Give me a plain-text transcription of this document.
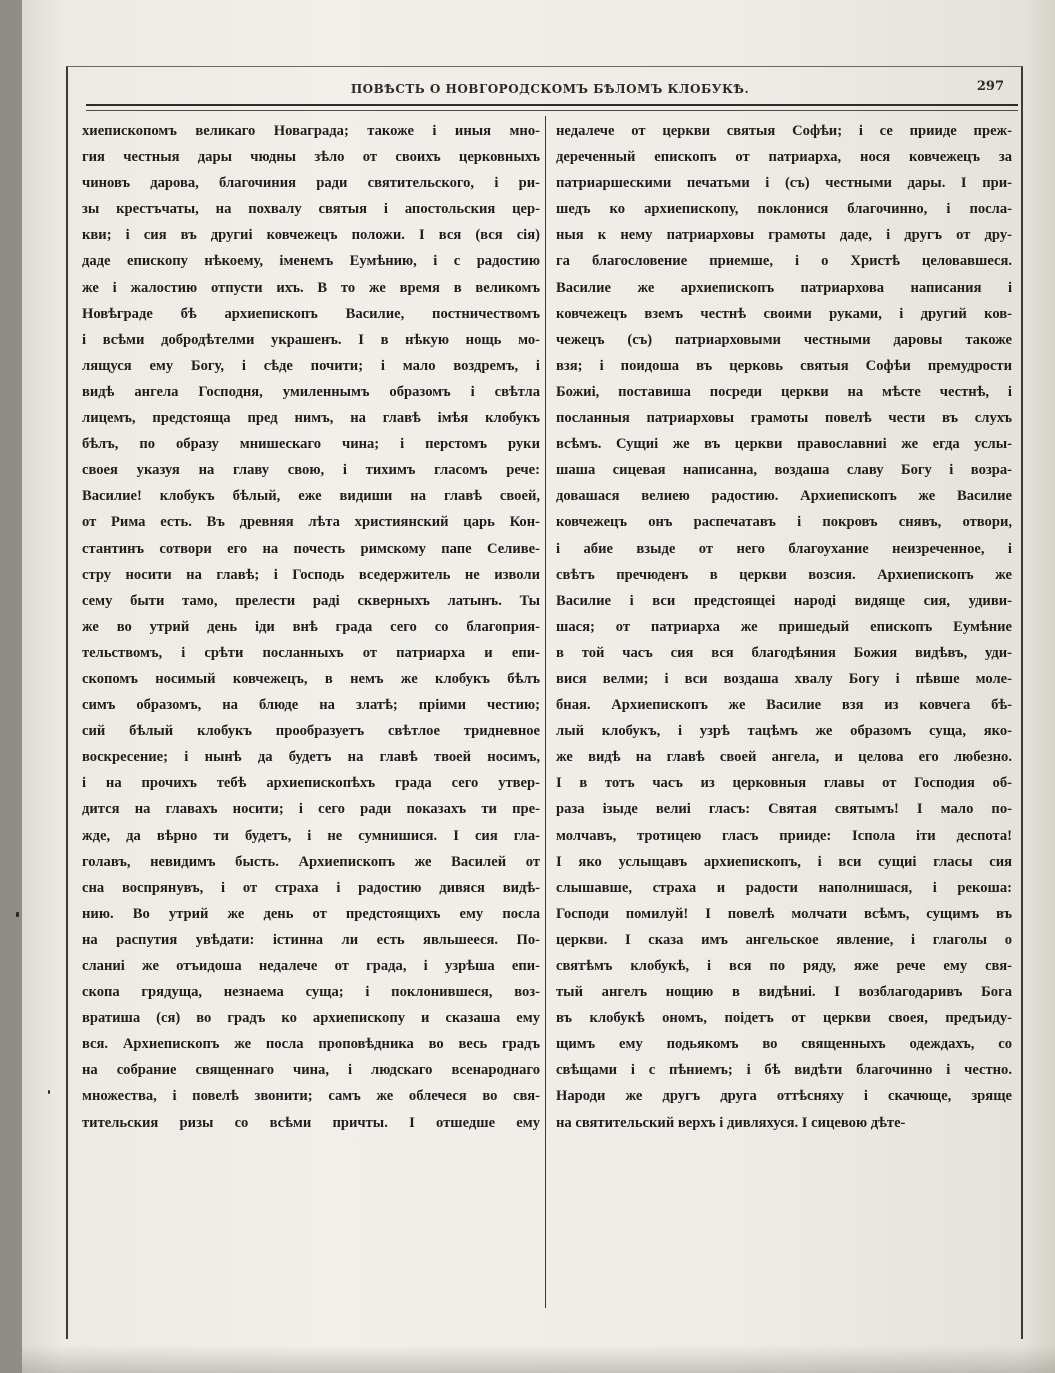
ПОВѢСТЬ О НОВГОРОДСКОМЪ БѢЛОМЪ КЛОБУКѢ.	297
хиепископомъ великаго Новаграда; такоже і иныя мно-
гия честныя дары чюдны зѣло от своихъ церковныхъ
чиновъ дарова, благочиния ради святительского, і ри-
зы крестъчаты, на похвалу святыя і апостольския цер-
кви; і сия въ другиі ковчежецъ положи. І вся (вся сія)
даде епископу нѣкоему, іменемъ Еумѣнию, і с радостию
же і жалостию отпусти ихъ. В то же время в великомъ
Новѣграде бѣ архиепископъ Василие, постничествомъ
і всѣми добродѣтелми украшенъ. І в нѣкую нощь мо-
лящуся ему Богу, і сѣде почити; і мало воздремъ, і
видѣ ангела Господня, умиленнымъ образомъ і свѣтла
лицемъ, предстояща пред нимъ, на главѣ імѣя клобукъ
бѣлъ, по образу мнишескаго чина; і перстомъ руки
своея указуя на главу свою, і тихимъ гласомъ рече:
Василие! клобукъ бѣлый, еже видиши на главѣ своей,
от Рима есть. Въ древняя лѣта християнский царь Кон-
стантинъ сотвори его на почесть римскому папе Селиве-
стру носити на главѣ; і Господь вседержитель не изволи
сему быти тамо, прелести раді скверныхъ латынъ. Ты
же во утрий день іди внѣ града сего со благоприя-
тельствомъ, і срѣти посланныхъ от патриарха и епи-
скопомъ носимый ковчежецъ, в немъ же клобукъ бѣлъ
симъ образомъ, на блюде на златѣ; пріими честию;
сий бѣлый клобукъ прообразуетъ свѣтлое тридневное
воскресение; і нынѣ да будетъ на главѣ твоей носимъ,
і на прочихъ тебѣ архиепископѣхъ града сего утвер-
дится на главахъ носити; і сего ради показахъ ти пре-
жде, да вѣрно ти будетъ, і не сумнишися. І сия гла-
голавъ, невидимъ бысть. Архиепископъ же Василей от
сна воспрянувъ, і от страха і радостию дивяся видѣ-
нию. Во утрий же день от предстоящихъ ему посла
на распутия увѣдати: істинна ли есть явльшееся. По-
сланиі же отъидоша недалече от града, і узрѣша епи-
скопа грядуща, незнаема суща; і поклонившеся, воз-
вратиша (ся) во градъ ко архиепископу и сказаша ему
вся. Архиепископъ же посла проповѣдника во весь градъ
на собрание священнаго чина, і людскаго всенароднаго
множества, і повелѣ звонити; самъ же облечеся во свя-
тительския ризы со всѣми причты. І отшедше ему
недалече от церкви святыя Софѣи; і се прииде преж-
дереченный епископъ от патриарха, нося ковчежецъ за
патриаршескими печатьми і (съ) честными дары. І при-
шедъ ко архиепископу, поклонися благочинно, і посла-
ныя к нему патриарховы грамоты даде, і другъ от дру-
га благословение приемше, і о Христѣ целовавшеся.
Василие же архиепископъ патриархова написания і
ковчежецъ вземъ честнѣ своими руками, і другий ков-
чежецъ (съ) патриарховыми честными даровы такоже
взя; і поидоша въ церковь святыя Софѣи премудрости
Божиі, поставиша посреди церкви на мѣсте честнѣ, і
посланныя патриарховы грамоты повелѣ чести въ слухъ
всѣмъ. Сущиі же въ церкви православниі же егда услы-
шаша сицевая написанна, воздаша славу Богу і возра-
довашася велиею радостию. Архиепископъ же Василие
ковчежецъ онъ распечатавъ і покровъ снявъ, отвори,
і абие взыде от него благоухание неизреченное, і
свѣтъ пречюденъ в церкви возсия. Архиепископъ же
Василие і вси предстоящеі народі видяще сия, удиви-
шася; от патриарха же пришедый епископъ Еумѣние
в той часъ сия вся благодѣяния Божия видѣвъ, уди-
вися велми; і вси воздаша хвалу Богу і пѣвше моле-
бная. Архиепископъ же Василие взя из ковчега бѣ-
лый клобукъ, і узрѣ тацѣмъ же образомъ суща, яко-
же видѣ на главѣ своей ангела, и целова его любезно.
І в тотъ часъ из церковныя главы от Господия об-
раза ізыде велиі гласъ: Святая святымъ! І мало по-
молчавъ, тротицею гласъ прииде: Іспола іти деспота!
І яко услыщавъ архиепископъ, і вси сущиі гласы сия
слышавше, страха и радости наполнишася, і рекоша:
Господи помилуй! І повелѣ молчати всѣмъ, сущимъ въ
церкви. І сказа имъ ангельское явление, і глаголы о
святѣмъ клобукѣ, і вся по ряду, яже рече ему свя-
тый ангелъ нощию в видѣниі. І возблагодаривъ Бога
въ клобукѣ ономъ, поідетъ от церкви своея, предъиду-
щимъ ему подьякомъ во священныхъ одеждахъ, со
свѣщами і с пѣниемъ; і бѣ видѣти благочинно і честно.
Народи же другъ друга оттѣсняху і скачюще, зряще
на святительский верхъ і дивляхуся. І сицевою дѣте-
